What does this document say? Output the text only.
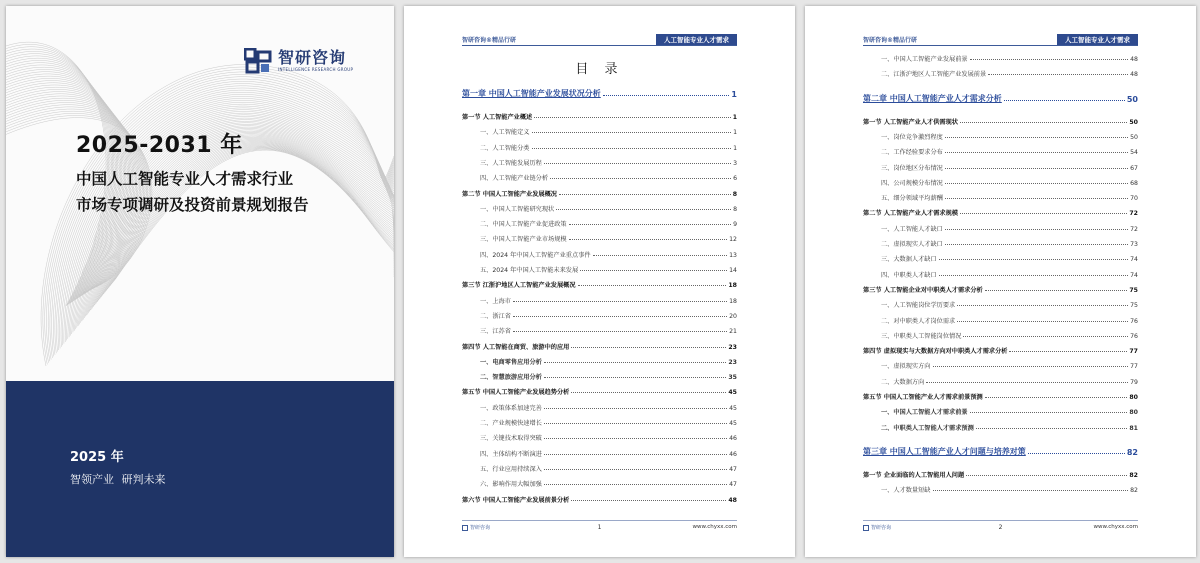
智研咨询
INTELLIGENCE RESEARCH GROUP
2025-2031 年
中国人工智能专业人才需求行业
市场专项调研及投资前景规划报告
2025 年
智领产业 研判未来
智研咨询®精品行研	人工智能专业人才需求
目 录
第一章 中国人工智能产业发展状况分析	1
第一节 人工智能产业概述	1
一、人工智能定义	1
二、人工智能分类	1
三、人工智能发展历程	3
四、人工智能产业链分析	6
第二节 中国人工智能产业发展概况	8
一、中国人工智能研究现状	8
二、中国人工智能产业促进政策	9
三、中国人工智能产业市场规模	12
四、2024 年中国人工智能产业重点事件	13
五、2024 年中国人工智能未来发展	14
第三节 江浙沪地区人工智能产业发展概况	18
一、上海市	18
二、浙江省	20
三、江苏省	21
第四节 人工智能在商贸、旅游中的应用	23
一、电商零售应用分析	23
二、智慧旅游应用分析	35
第五节 中国人工智能产业发展趋势分析	45
一、政策体系加速完善	45
二、产业规模快速增长	45
三、关键技术取得突破	46
四、主体结构不断演进	46
五、行业应用持续深入	47
六、影响作用大幅加强	47
第六节 中国人工智能产业发展前景分析	48
智研咨询	1	www.chyxx.com
智研咨询®精品行研	人工智能专业人才需求
一、中国人工智能产业发展前景	48
二、江浙沪地区人工智能产业发展前景	48
第二章 中国人工智能产业人才需求分析	50
第一节 人工智能产业人才供需现状	50
一、岗位竞争激烈程度	50
二、工作经验要求分布	54
三、岗位地区分布情况	67
四、公司规模分布情况	68
五、细分领域平均薪酬	70
第二节 人工智能产业人才需求规模	72
一、人工智能人才缺口	72
二、虚拟现实人才缺口	73
三、大数据人才缺口	74
四、中职类人才缺口	74
第三节 人工智能企业对中职类人才需求分析	75
一、人工智能岗位学历要求	75
二、对中职类人才岗位需求	76
三、中职类人工智能岗位情况	76
第四节 虚拟现实与大数据方向对中职类人才需求分析	77
一、虚拟现实方向	77
二、大数据方向	79
第五节 中国人工智能产业人才需求前景预测	80
一、中国人工智能人才需求前景	80
二、中职类人工智能人才需求预测	81
第三章 中国人工智能产业人才问题与培养对策	82
第一节 企业面临的人工智能用人问题	82
一、人才数量短缺	82
智研咨询	2	www.chyxx.com
